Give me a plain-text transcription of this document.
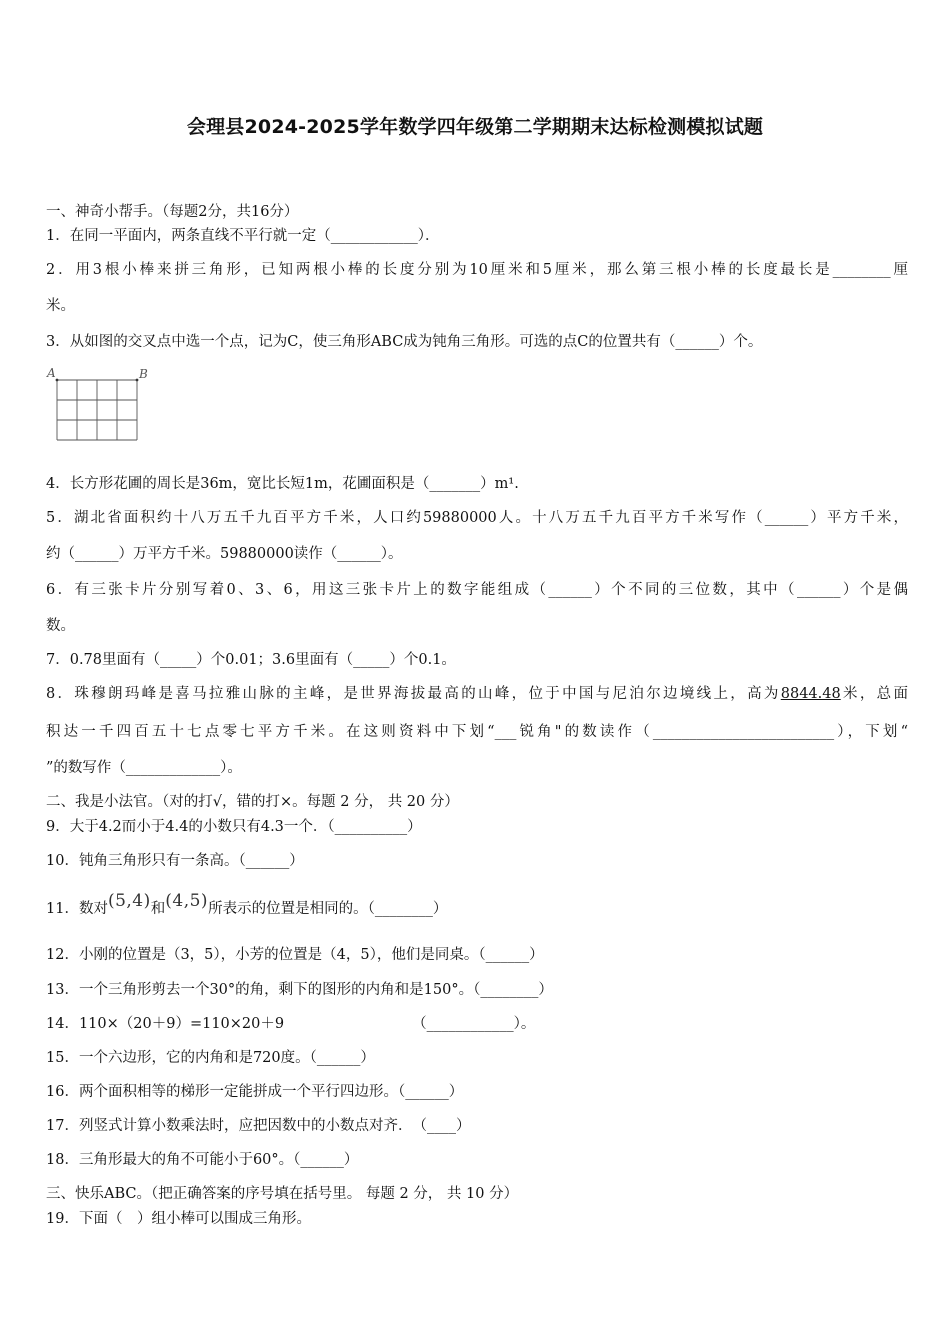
会理县2024-2025学年数学四年级第二学期期末达标检测模拟试题
一、神奇小帮手。（每题2分，共16分）
1．在同一平面内，两条直线不平行就一定（____________）．
2．用3根小棒来拼三角形，已知两根小棒的长度分别为10厘米和5厘米，那么第三根小棒的长度最长是________厘
米。
3．从如图的交叉点中选一个点，记为C，使三角形ABC成为钝角三角形。可选的点C的位置共有（______）个。
A	B
4．长方形花圃的周长是36m，宽比长短1m，花圃面积是（_______）m¹.
5．湖北省面积约十八万五千九百平方千米，人口约59880000人。十八万五千九百平方千米写作（______）平方千米，
约（______）万平方千米。59880000读作（______）。
6．有三张卡片分别写着0、3、6，用这三张卡片上的数字能组成（______）个不同的三位数，其中（______）个是偶
数。
7．0.78里面有（_____）个0.01；3.6里面有（_____）个0.1。
8．珠穆朗玛峰是喜马拉雅山脉的主峰，是世界海拔最高的山峰，位于中国与尼泊尔边境线上，高为8844.48米，总面
积达一千四百五十七点零七平方千米。在这则资料中下划“___锐角"的数读作（_________________________），下划“
”的数写作（_____________）。
二、我是小法官。（对的打√，错的打×。每题 2 分， 共 20 分）
9．大于4.2而小于4.4的小数只有4.3一个．（__________）
10．钝角三角形只有一条高。（______）
11．数对(5,4)和(4,5)所表示的位置是相同的。（________）
12．小刚的位置是（3，5），小芳的位置是（4，5），他们是同桌。（______）
13．一个三角形剪去一个30°的角，剩下的图形的内角和是150°。（________）
14．110×（20＋9）=110×20＋9	（____________）。
15．一个六边形，它的内角和是720度。（______）
16．两个面积相等的梯形一定能拼成一个平行四边形。（______）
17．列竖式计算小数乘法时，应把因数中的小数点对齐．　（____）
18．三角形最大的角不可能小于60°。（______）
三、快乐ABC。（把正确答案的序号填在括号里。 每题 2 分， 共 10 分）
19．下面（　）组小棒可以围成三角形。
